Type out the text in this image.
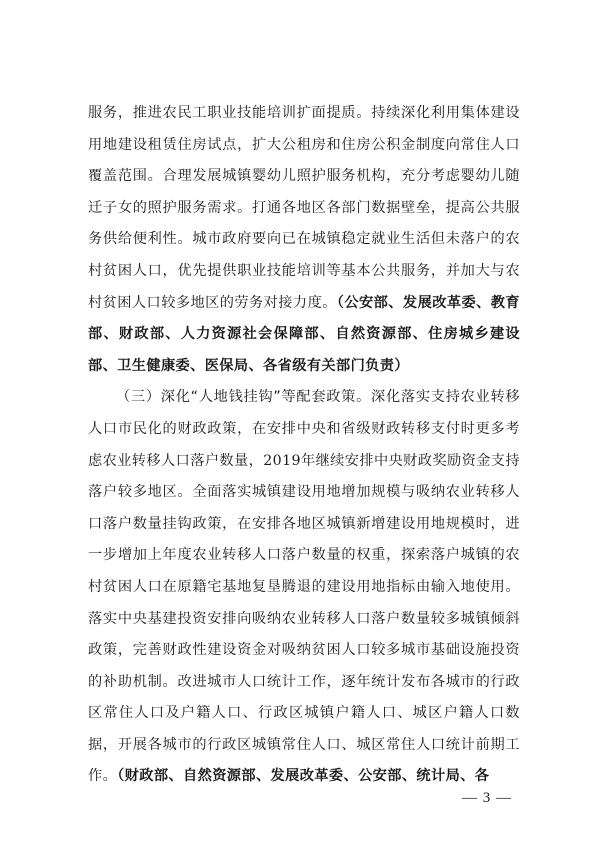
服务，推进农民工职业技能培训扩面提质。持续深化利用集体建设用地建设租赁住房试点，扩大公租房和住房公积金制度向常住人口覆盖范围。合理发展城镇婴幼儿照护服务机构，充分考虑婴幼儿随迁子女的照护服务需求。打通各地区各部门数据壁垒，提高公共服务供给便利性。城市政府要向已在城镇稳定就业生活但未落户的农村贫困人口，优先提供职业技能培训等基本公共服务，并加大与农村贫困人口较多地区的劳务对接力度。（公安部、发展改革委、教育部、财政部、人力资源社会保障部、自然资源部、住房城乡建设部、卫生健康委、医保局、各省级有关部门负责）

（三）深化“人地钱挂钩”等配套政策。深化落实支持农业转移人口市民化的财政政策，在安排中央和省级财政转移支付时更多考虑农业转移人口落户数量，2019年继续安排中央财政奖励资金支持落户较多地区。全面落实城镇建设用地增加规模与吸纳农业转移人口落户数量挂钩政策，在安排各地区城镇新增建设用地规模时，进一步增加上年度农业转移人口落户数量的权重，探索落户城镇的农村贫困人口在原籍宅基地复垦腾退的建设用地指标由输入地使用。落实中央基建投资安排向吸纳农业转移人口落户数量较多城镇倾斜政策，完善财政性建设资金对吸纳贫困人口较多城市基础设施投资的补助机制。改进城市人口统计工作，逐年统计发布各城市的行政区常住人口及户籍人口、行政区城镇户籍人口、城区户籍人口数据，开展各城市的行政区城镇常住人口、城区常住人口统计前期工作。（财政部、自然资源部、发展改革委、公安部、统计局、各

— 3 —
